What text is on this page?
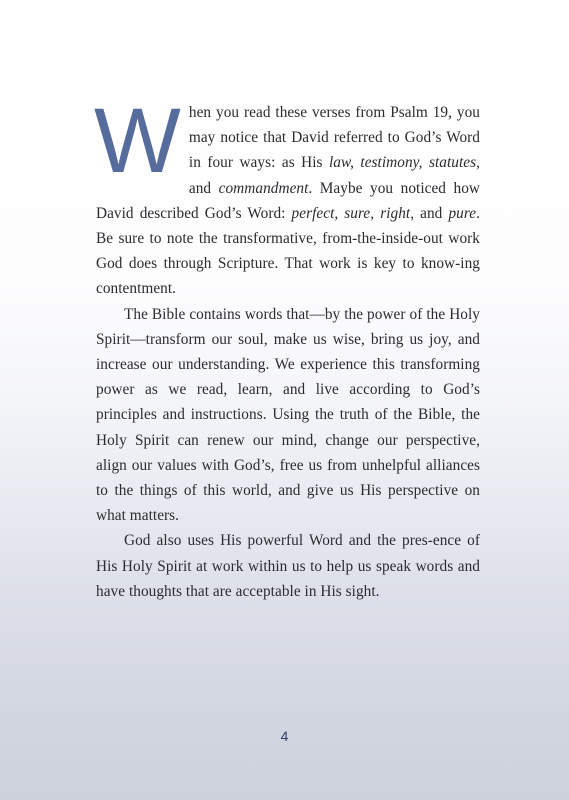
When you read these verses from Psalm 19, you may notice that David referred to God’s Word in four ways: as His law, testimony, statutes, and commandment. Maybe you noticed how David described God’s Word: perfect, sure, right, and pure. Be sure to note the transformative, from-the-inside-out work God does through Scripture. That work is key to know-ing contentment.

The Bible contains words that—by the power of the Holy Spirit—transform our soul, make us wise, bring us joy, and increase our understanding. We experience this transforming power as we read, learn, and live according to God’s principles and instructions. Using the truth of the Bible, the Holy Spirit can renew our mind, change our perspective, align our values with God’s, free us from unhelpful alliances to the things of this world, and give us His perspective on what matters.

God also uses His powerful Word and the pres-ence of His Holy Spirit at work within us to help us speak words and have thoughts that are acceptable in His sight.

4
